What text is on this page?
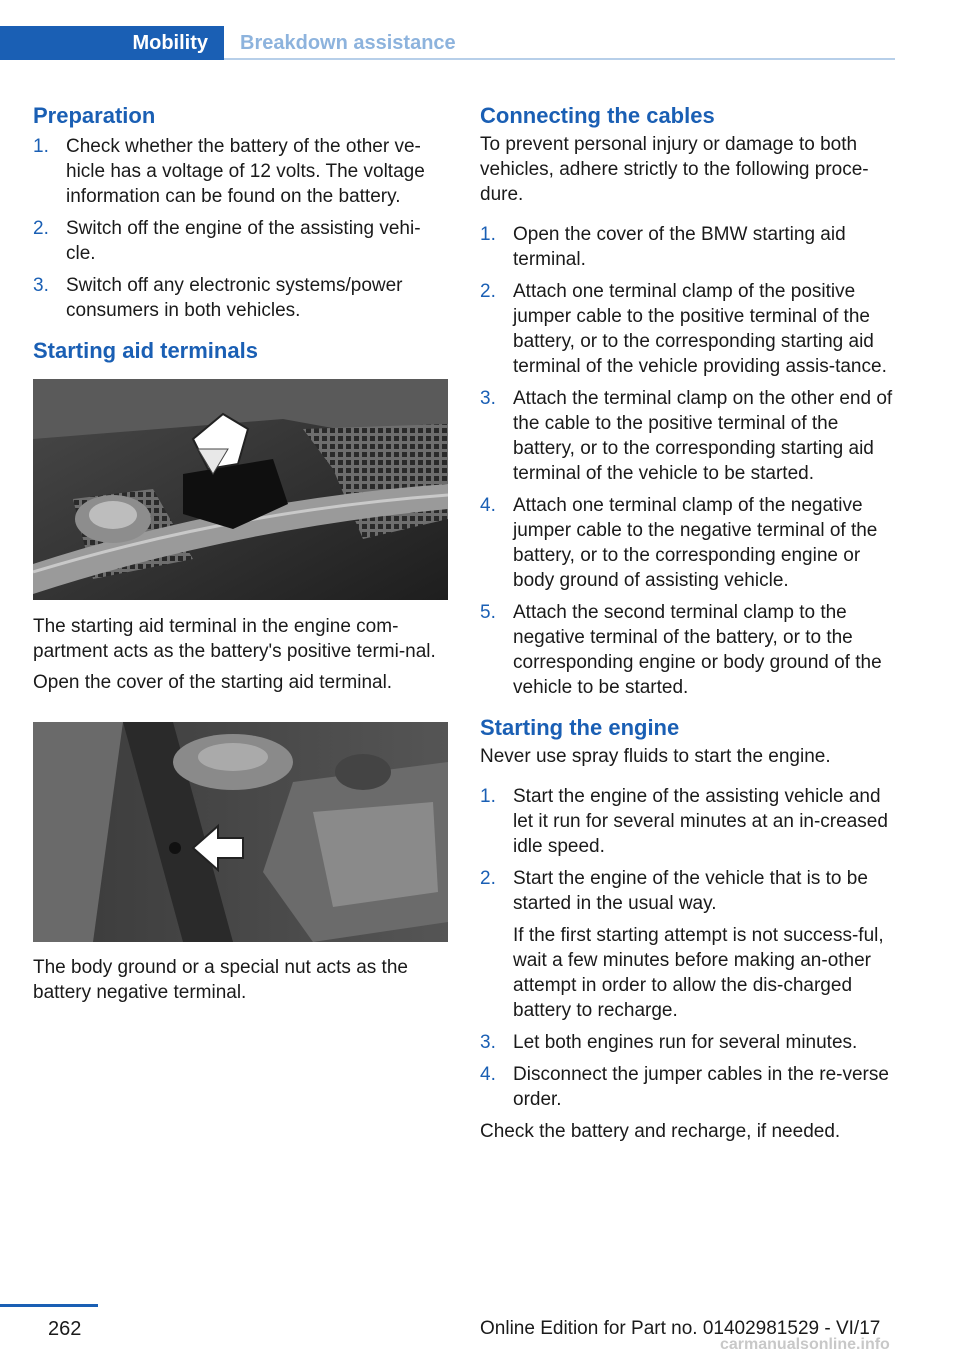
Mobility	Breakdown assistance
Preparation
1. Check whether the battery of the other ve‐hicle has a voltage of 12 volts. The voltage information can be found on the battery.
2. Switch off the engine of the assisting vehi‐cle.
3. Switch off any electronic systems/power consumers in both vehicles.
Starting aid terminals

The starting aid terminal in the engine com‐partment acts as the battery's positive termi‐nal.

Open the cover of the starting aid terminal.

The body ground or a special nut acts as the battery negative terminal.

Connecting the cables

To prevent personal injury or damage to both vehicles, adhere strictly to the following proce‐dure.

1. Open the cover of the BMW starting aid terminal.
2. Attach one terminal clamp of the positive jumper cable to the positive terminal of the battery, or to the corresponding starting aid terminal of the vehicle providing assis‐tance.
3. Attach the terminal clamp on the other end of the cable to the positive terminal of the battery, or to the corresponding starting aid terminal of the vehicle to be started.
4. Attach one terminal clamp of the negative jumper cable to the negative terminal of the battery, or to the corresponding engine or body ground of assisting vehicle.
5. Attach the second terminal clamp to the negative terminal of the battery, or to the corresponding engine or body ground of the vehicle to be started.
Starting the engine

Never use spray fluids to start the engine.

1. Start the engine of the assisting vehicle and let it run for several minutes at an in‐creased idle speed.
2. Start the engine of the vehicle that is to be started in the usual way.
If the first starting attempt is not success‐ful, wait a few minutes before making an‐other attempt in order to allow the dis‐charged battery to recharge.
3. Let both engines run for several minutes.
4. Disconnect the jumper cables in the re‐verse order.

Check the battery and recharge, if needed.

262	Online Edition for Part no. 01402981529 - VI/17
carmanualsonline.info
